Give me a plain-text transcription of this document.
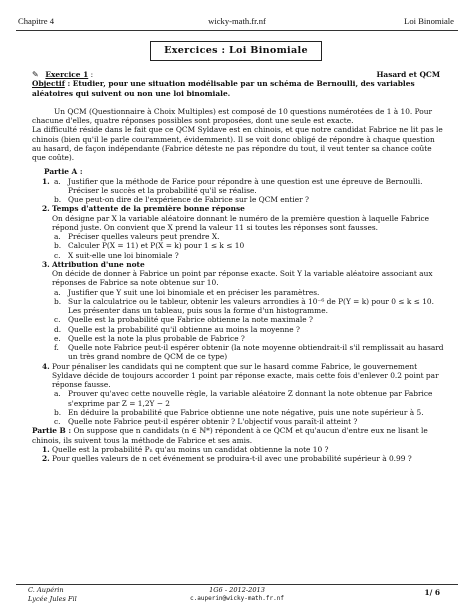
Chapitre 4	wicky-math.fr.nf	Loi Binomiale
Exercices : Loi Binomiale
✎ Exercice 1 :	Hasard et QCM

Objectif : Etudier, pour une situation modélisable par un schéma de Bernoulli, des variables aléatoires qui suivent ou non une loi binomiale.

Un QCM (Questionnaire à Choix Multiples) est composé de 10 questions numérotées de 1 à 10. Pour chacune d'elles, quatre réponses possibles sont proposées, dont une seule est exacte.

La difficulté réside dans le fait que ce QCM Syldave est en chinois, et que notre candidat Fabrice ne lit pas le chinois (bien qu'il le parle couramment, évidemment). Il se voit donc obligé de répondre à chaque question au hasard, de façon indépendante (Fabrice déteste ne pas répondre du tout, il veut tenter sa chance coûte que coûte).

Partie A :

1. a. Justifier que la méthode de Farice pour répondre à une question est une épreuve de Bernoulli. Préciser le succès et la probabilité qu'il se réalise.
b. Que peut-on dire de l'expérience de Fabrice sur le QCM entier ?
2. Temps d'attente de la première bonne réponse

On désigne par X la variable aléatoire donnant le numéro de la première question à laquelle Fabrice répond juste. On convient que X prend la valeur 11 si toutes les réponses sont fausses.

a. Préciser quelles valeurs peut prendre X.
b. Calculer P(X = 11) et P(X = k) pour 1 ≤ k ≤ 10
c. X suit-elle une loi binomiale ?
3. Attribution d'une note

On décide de donner à Fabrice un point par réponse exacte. Soit Y la variable aléatoire associant aux réponses de Fabrice sa note obtenue sur 10.

a. Justifier que Y suit une loi binomiale et en préciser les paramètres.
b. Sur la calculatrice ou le tableur, obtenir les valeurs arrondies à 10⁻⁶ de P(Y = k) pour 0 ≤ k ≤ 10. Les présenter dans un tableau, puis sous la forme d'un histogramme.
c. Quelle est la probabilité que Fabrice obtienne la note maximale ?
d. Quelle est la probabilité qu'il obtienne au moins la moyenne ?
e. Quelle est la note la plus probable de Fabrice ?
f. Quelle note Fabrice peut-il espérer obtenir (la note moyenne obtiendrait-il s'il remplissait au hasard un très grand nombre de QCM de ce type)
4. Pour pénaliser les candidats qui ne comptent que sur le hasard comme Fabrice, le gouvernement Syldave décide de toujours accorder 1 point par réponse exacte, mais cette fois d'enlever 0.2 point par réponse fausse.

a. Prouver qu'avec cette nouvelle règle, la variable aléatoire Z donnant la note obtenue par Fabrice s'exprime par Z = 1,2Y − 2
b. En déduire la probabilité que Fabrice obtienne une note négative, puis une note supérieur à 5.
c. Quelle note Fabrice peut-il espérer obtenir ? L'objectif vous paraît-il atteint ?

Partie B : On suppose que n candidats (n ∈ ℕ*) répondent à ce QCM et qu'aucun d'entre eux ne lisant le chinois, ils suivent tous la méthode de Fabrice et ses amis.

1. Quelle est la probabilité Pₙ qu'au moins un candidat obtienne la note 10 ?
2. Pour quelles valeurs de n cet événement se produira-t-il avec une probabilité supérieur à 0.99 ?
C. Aupérin
Lycée Jules Fil
1G6 - 2012-2013
c.auperin@wicky-math.fr.nf
1/ 6
